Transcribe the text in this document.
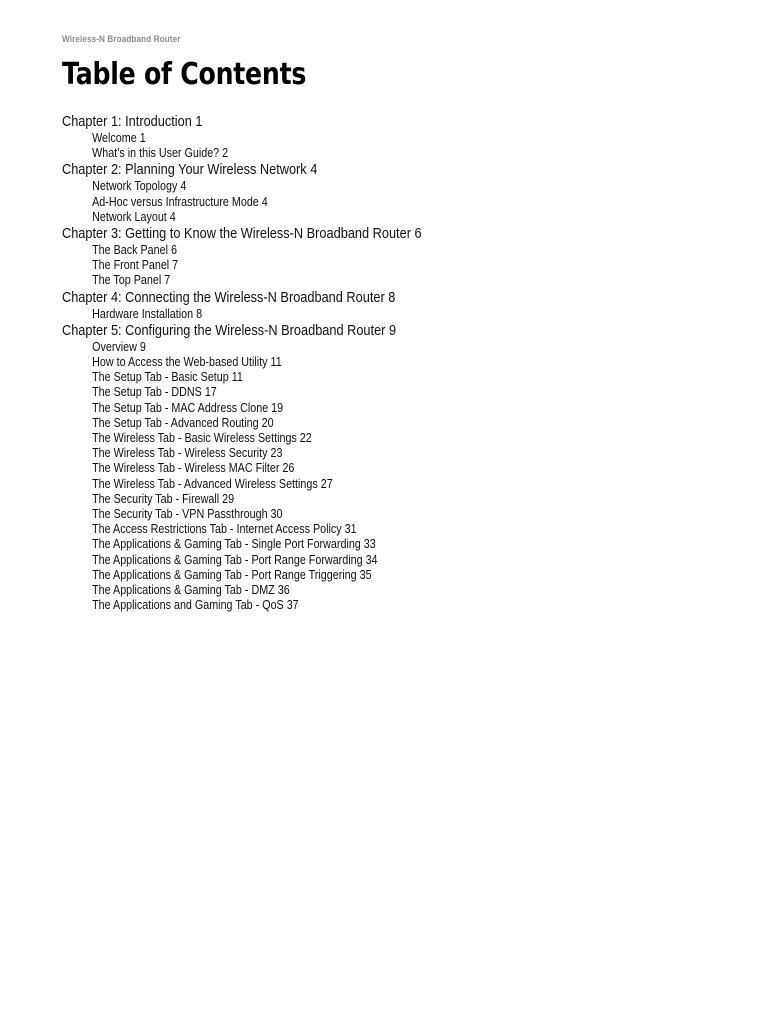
Wireless-N Broadband Router
Table of Contents
Chapter 1: Introduction 1
Welcome 1
What’s in this User Guide? 2
Chapter 2: Planning Your Wireless Network 4
Network Topology 4
Ad-Hoc versus Infrastructure Mode 4
Network Layout 4
Chapter 3: Getting to Know the Wireless-N Broadband Router 6
The Back Panel 6
The Front Panel 7
The Top Panel 7
Chapter 4: Connecting the Wireless-N Broadband Router 8
Hardware Installation 8
Chapter 5: Configuring the Wireless-N Broadband Router 9
Overview 9
How to Access the Web-based Utility 11
The Setup Tab - Basic Setup 11
The Setup Tab - DDNS 17
The Setup Tab - MAC Address Clone 19
The Setup Tab - Advanced Routing 20
The Wireless Tab - Basic Wireless Settings 22
The Wireless Tab - Wireless Security 23
The Wireless Tab - Wireless MAC Filter 26
The Wireless Tab - Advanced Wireless Settings 27
The Security Tab - Firewall 29
The Security Tab - VPN Passthrough 30
The Access Restrictions Tab - Internet Access Policy 31
The Applications & Gaming Tab - Single Port Forwarding 33
The Applications & Gaming Tab - Port Range Forwarding 34
The Applications & Gaming Tab - Port Range Triggering 35
The Applications & Gaming Tab - DMZ 36
The Applications and Gaming Tab - QoS 37
